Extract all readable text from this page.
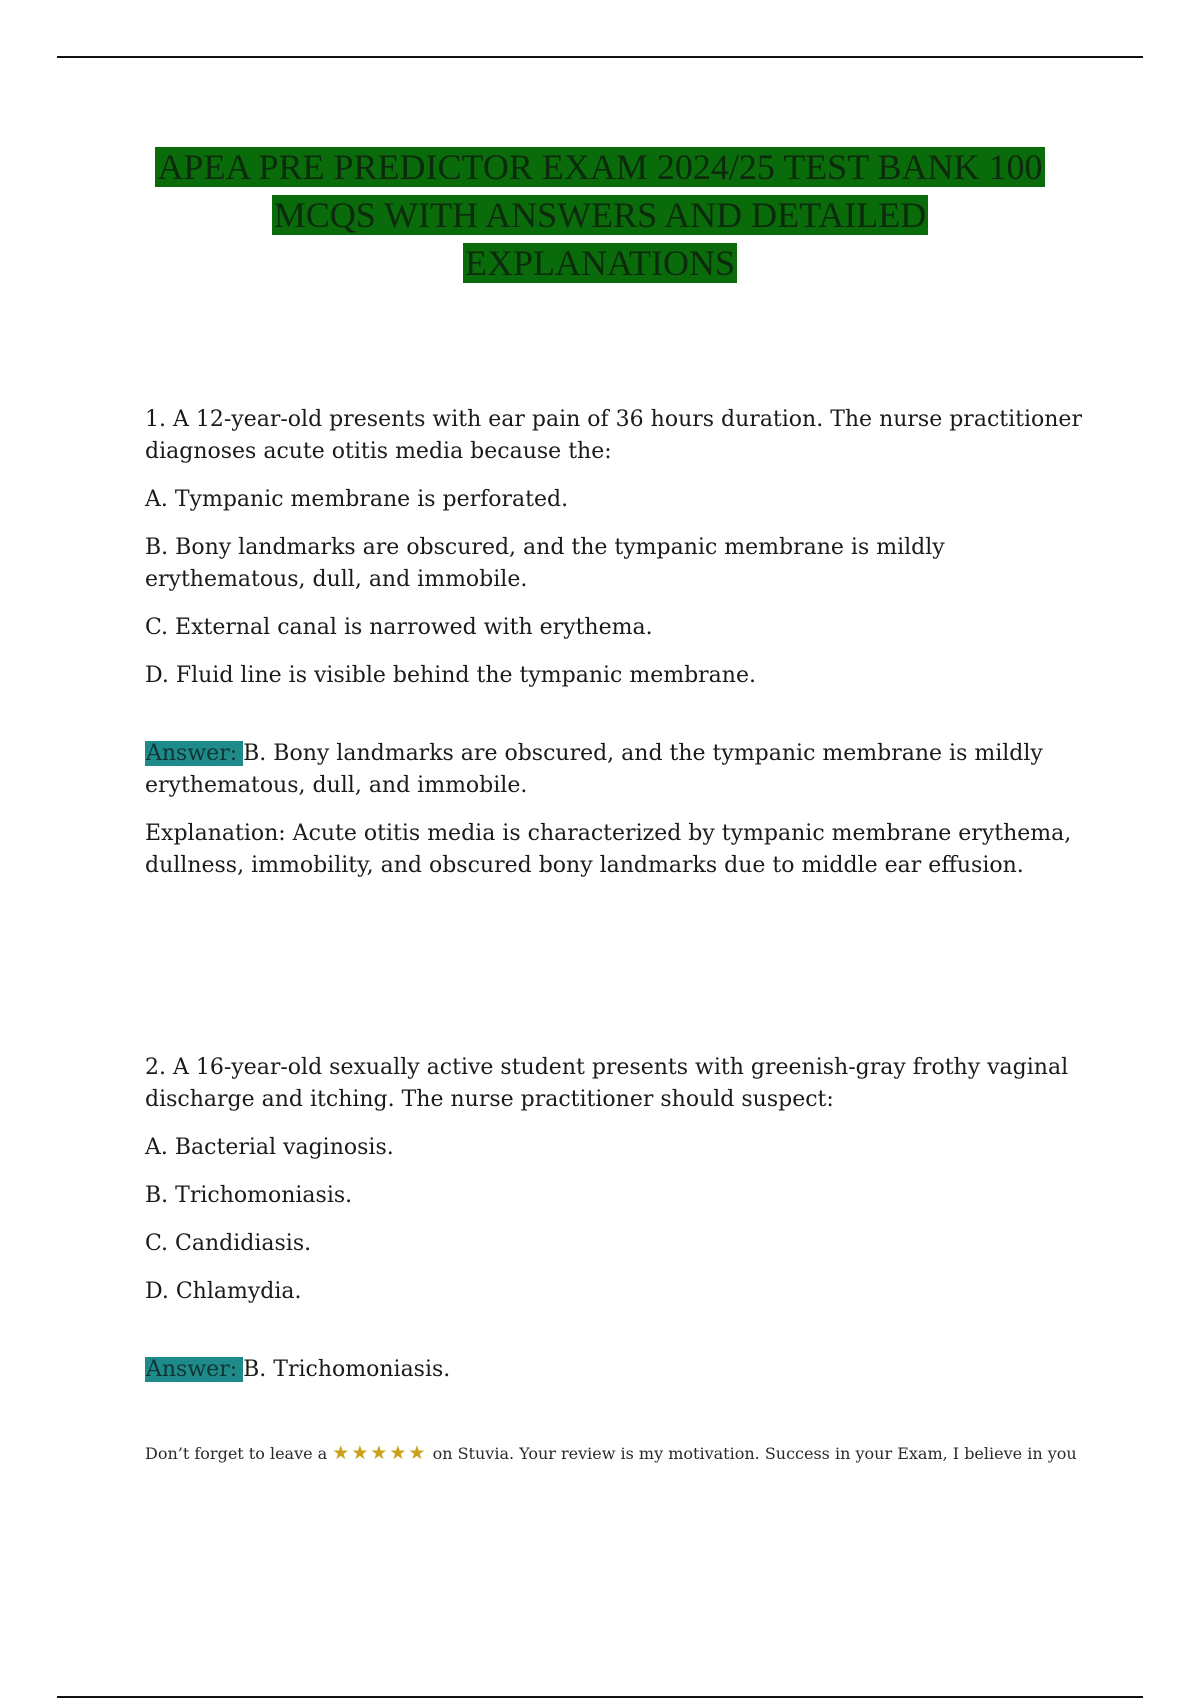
APEA PRE PREDICTOR EXAM 2024/25 TEST BANK 100
MCQS WITH ANSWERS AND DETAILED
EXPLANATIONS

1. A 12-year-old presents with ear pain of 36 hours duration. The nurse practitioner diagnoses acute otitis media because the:

A. Tympanic membrane is perforated.

B. Bony landmarks are obscured, and the tympanic membrane is mildly erythematous, dull, and immobile.

C. External canal is narrowed with erythema.

D. Fluid line is visible behind the tympanic membrane.

Answer: B. Bony landmarks are obscured, and the tympanic membrane is mildly erythematous, dull, and immobile.

Explanation: Acute otitis media is characterized by tympanic membrane erythema, dullness, immobility, and obscured bony landmarks due to middle ear effusion.

2. A 16-year-old sexually active student presents with greenish-gray frothy vaginal discharge and itching. The nurse practitioner should suspect:

A. Bacterial vaginosis.

B. Trichomoniasis.

C. Candidiasis.

D. Chlamydia.

Answer: B. Trichomoniasis.

Don’t forget to leave a ★★★★★ on Stuvia. Your review is my motivation. Success in your Exam, I believe in you
